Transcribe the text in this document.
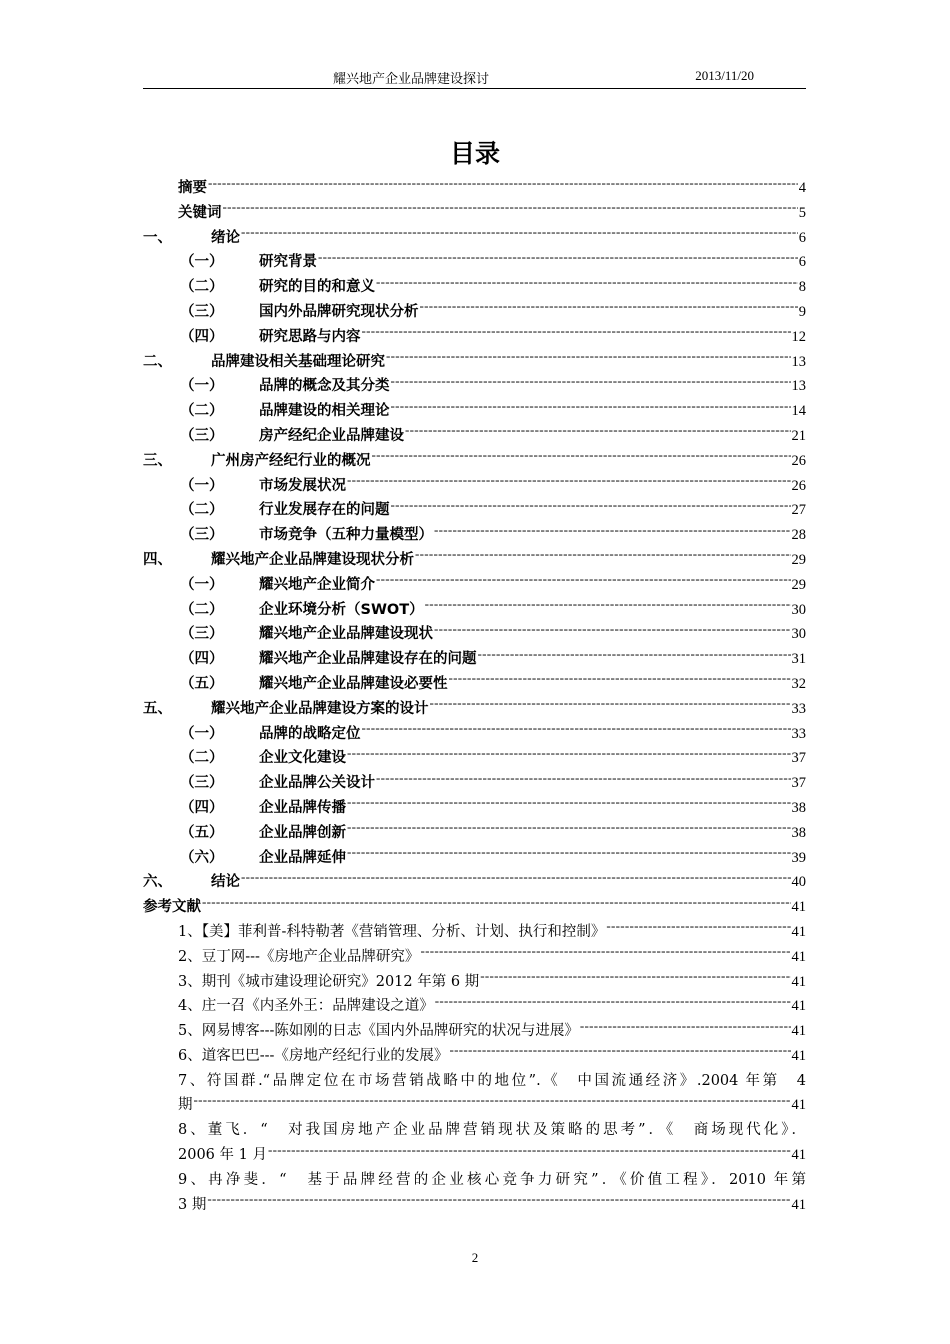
耀兴地产企业品牌建设探讨	2013/11/20
目录
摘要 -----	4
关键词 -----	5
一、	绪论 -----	6
（一）	研究背景 -----	6
（二）	研究的目的和意义 -----	8
（三）	国内外品牌研究现状分析 -----	9
（四）	研究思路与内容 -----	12
二、	品牌建设相关基础理论研究 -----	13
（一）	品牌的概念及其分类 -----	13
（二）	品牌建设的相关理论 -----	14
（三）	房产经纪企业品牌建设 -----	21
三、	广州房产经纪行业的概况 -----	26
（一）	市场发展状况 -----	26
（二）	行业发展存在的问题 -----	27
（三）	市场竞争（五种力量模型） -----	28
四、	耀兴地产企业品牌建设现状分析 -----	29
（一）	耀兴地产企业简介 -----	29
（二）	企业环境分析（SWOT） -----	30
（三）	耀兴地产企业品牌建设现状 -----	30
（四）	耀兴地产企业品牌建设存在的问题 -----	31
（五）	耀兴地产企业品牌建设必要性 -----	32
五、	耀兴地产企业品牌建设方案的设计 -----	33
（一）	品牌的战略定位 -----	33
（二）	企业文化建设 -----	37
（三）	企业品牌公关设计 -----	37
（四）	企业品牌传播 -----	38
（五）	企业品牌创新 -----	38
（六）	企业品牌延伸 -----	39
六、	结论 -----	40
参考文献 -----	41
1、【美】菲利普-科特勒著《营销管理、分析、计划、执行和控制》 -----	41
2、豆丁网---《房地产企业品牌研究》 -----	41
3、期刊《城市建设理论研究》2012 年第 6 期 -----	41
4、庄一召《内圣外王：品牌建设之道》 -----	41
5、网易博客---陈如刚的日志《国内外品牌研究的状况与进展》 -----	41
6、道客巴巴---《房地产经纪行业的发展》 -----	41
7、符国群.“品牌定位在市场营销战略中的地位”.《　中国流通经济》.2004 年第　4
期 -----	41
8、董飞．“　对我国房地产企业品牌营销现状及策略的思考”．《　商场现代化》．
2006 年 1 月 -----	41
9、冉净斐．“　基于品牌经营的企业核心竞争力研究”．《价值工程》．2010 年第
3 期 -----	41
2
